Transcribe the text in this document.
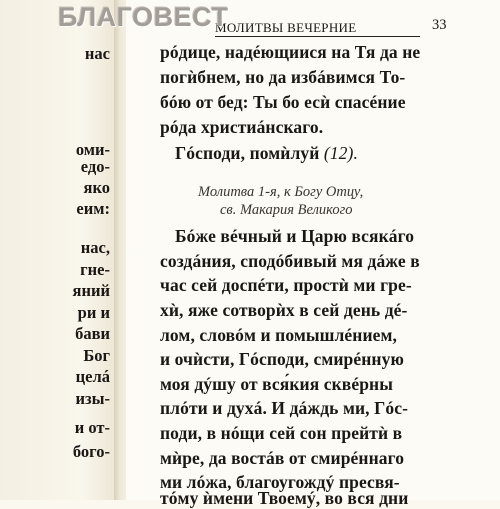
нас
оми-
едо-
яко
еим:
нас,
гне-
яний
ри и
бави
Бог
целá
изы-
и от-
бого-
БЛАГОВЕСТ
МОЛИТВЫ ВЕЧЕРНИЕ	33
рóдице, надéющиися на Тя да не
погѝбнем, но да избáвимся То-
бóю от бед: Ты бо есѝ спасéние
рóда христиáнскаго.
Гóсподи, помѝлуй (12).
Молитва 1-я, к Богу Отцу,
св. Макария Великого
Бóже вéчный и Царю всякáго
создáния, сподóбивый мя дáже в
час сей доспéти, простѝ ми гре-
хѝ, яже сотворѝх в сей день дé-
лом, словóм и помышлéнием,
и очѝсти, Гóсподи, смирéнную
моя дýшу от вся́кия сквéрны
плóти и духá. И дáждь ми, Гóс-
поди, в нóщи сей сон прейтѝ в
мѝре, да востáв от смирéннаго
ми лóжа, благоугождý пресвя-
тóму ѝмени Твоемý, во вся дни
